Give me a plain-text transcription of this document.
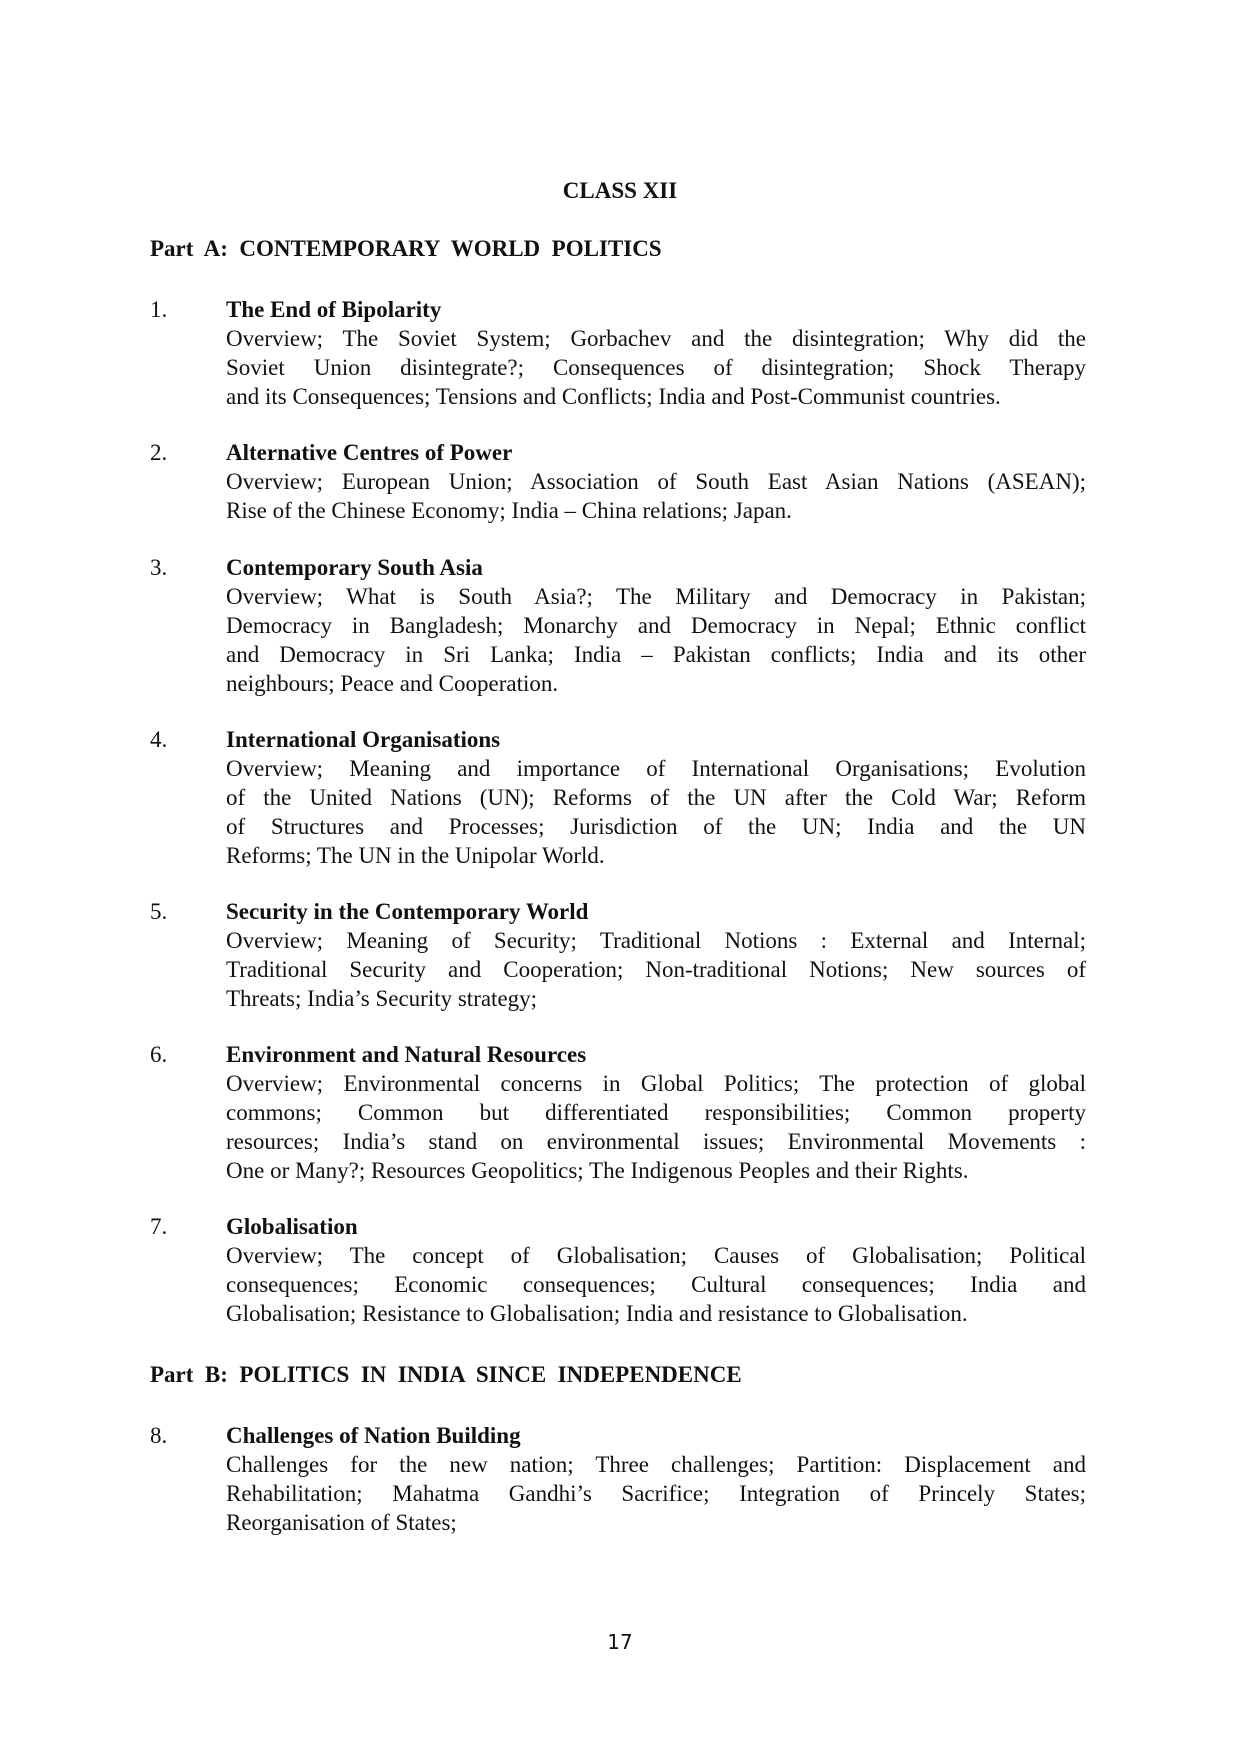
CLASS XII
Part  A:  CONTEMPORARY  WORLD  POLITICS
1.	The End of Bipolarity
Overview; The Soviet System; Gorbachev and the disintegration; Why did the
Soviet Union disintegrate?; Consequences of disintegration; Shock Therapy
and its Consequences; Tensions and Conflicts; India and Post-Communist countries.
2.	Alternative Centres of Power
Overview; European Union; Association of South East Asian Nations (ASEAN);
Rise of the Chinese Economy; India – China relations; Japan.
3.	Contemporary South Asia
Overview; What is South Asia?; The Military and Democracy in Pakistan;
Democracy in Bangladesh; Monarchy and Democracy in Nepal; Ethnic conflict
and Democracy in Sri Lanka; India – Pakistan conflicts; India and its other
neighbours; Peace and Cooperation.
4.	International Organisations
Overview; Meaning and importance of International Organisations; Evolution
of the United Nations (UN); Reforms of the UN after the Cold War; Reform
of Structures and Processes; Jurisdiction of the UN; India and the UN
Reforms; The UN in the Unipolar World.
5.	Security in the Contemporary World
Overview; Meaning of Security; Traditional Notions : External and Internal;
Traditional Security and Cooperation; Non-traditional Notions; New sources of
Threats; India’s Security strategy;
6.	Environment and Natural Resources
Overview; Environmental concerns in Global Politics; The protection of global
commons; Common but differentiated responsibilities; Common property
resources; India’s stand on environmental issues; Environmental Movements :
One or Many?; Resources Geopolitics; The Indigenous Peoples and their Rights.
7.	Globalisation
Overview; The concept of Globalisation; Causes of Globalisation; Political
consequences; Economic consequences; Cultural consequences; India and
Globalisation; Resistance to Globalisation; India and resistance to Globalisation.
Part  B:  POLITICS  IN  INDIA  SINCE  INDEPENDENCE
8.	Challenges of Nation Building
Challenges for the new nation; Three challenges; Partition: Displacement and
Rehabilitation; Mahatma Gandhi’s Sacrifice; Integration of Princely States;
Reorganisation of States;

17
